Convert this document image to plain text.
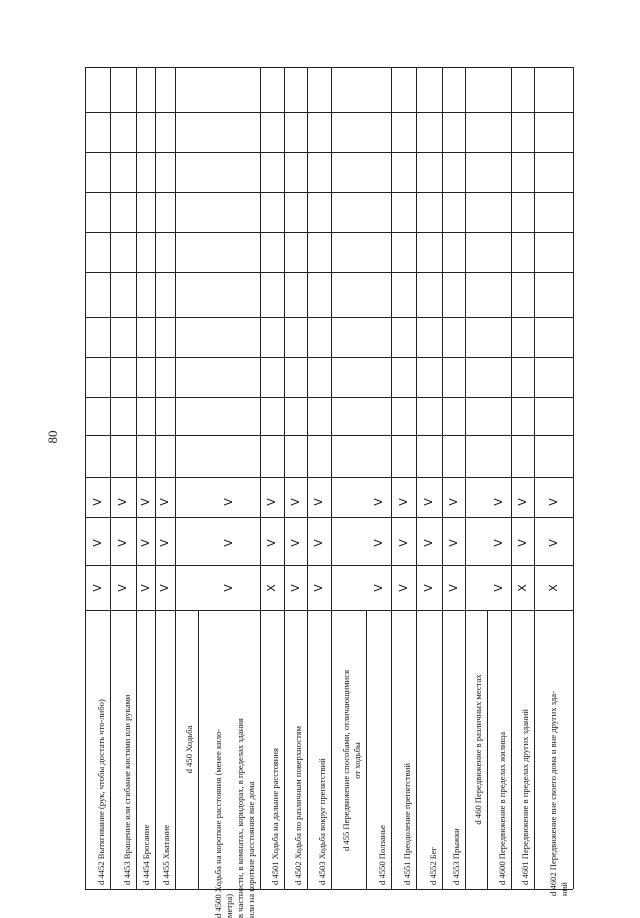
80
d 4452 Вытягивание (рук, чтобы достать что-либо)
V
V
V
d 4453 Вращение или сгибание кистями или руками
V
V
V
d 4454 Бросание
V
V
V
d 4455 Хватание
V
V
V
d 450 Ходьба
d 4500 Ходьба на короткие расстояния (менее кило-
метра)
в частности, в комнатах, коридорах, в пределах здания
или на короткие расстояния вне дома
V
V
V
d 4501 Ходьба на дальние расстояния
X
V
V
d 4502 Ходьба по различным поверхностям
V
V
V
d 4503 Ходьба вокруг препятствий
V
V
V
d 455 Передвижение способами, отличающимися
от ходьбы
d 4550 Ползанье
V
V
V
d 4551 Преодоление препятствий
V
V
V
d 4552 Бег
V
V
V
d 4553 Прыжки
V
V
V
d 460 Передвижение в различных местах d 4600 Передвижение в пределах жилища
V
V
V
d 4601 Передвижение в пределах других зданий
X
V
V
d 4602 Передвижение вне своего дома и вне других зда-
ний
X
V
V
